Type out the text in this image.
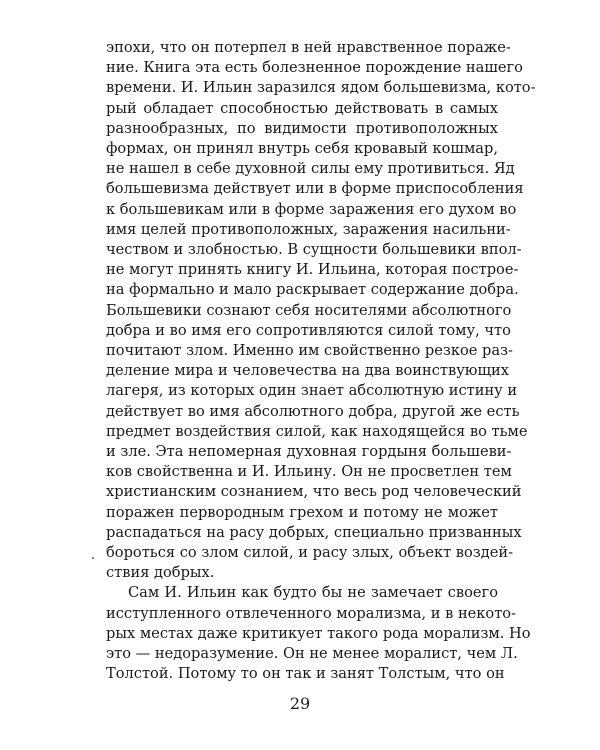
эпохи, что он потерпел в ней нравственное пораже-
ние. Книга эта есть болезненное порождение нашего
времени. И. Ильин заразился ядом большевизма, кото-
рый обладает способностью действовать в самых
разнообразных, по видимости противоположных
формах, он принял внутрь себя кровавый кошмар,
не нашел в себе духовной силы ему противиться. Яд
большевизма действует или в форме приспособления
к большевикам или в форме заражения его духом во
имя целей противоположных, заражения насильни-
чеством и злобностью. В сущности большевики впол-
не могут принять книгу И. Ильина, которая построе-
на формально и мало раскрывает содержание добра.
Большевики сознают себя носителями абсолютного
добра и во имя его сопротивляются силой тому, что
почитают злом. Именно им свойственно резкое раз-
деление мира и человечества на два воинствующих
лагеря, из которых один знает абсолютную истину и
действует во имя абсолютного добра, другой же есть
предмет воздействия силой, как находящейся во тьме
и зле. Эта непомерная духовная гордыня большеви-
ков свойственна и И. Ильину. Он не просветлен тем
христианским сознанием, что весь род человеческий
поражен первородным грехом и потому не может
распадаться на расу добрых, специально призванных
бороться со злом силой, и расу злых, объект воздей-
ствия добрых.
Сам И. Ильин как будто бы не замечает своего
исступленного отвлеченного морализма, и в некото-
рых местах даже критикует такого рода морализм. Но
это — недоразумение. Он не менее моралист, чем Л.
Толстой. Потому то он так и занят Толстым, что он
29
